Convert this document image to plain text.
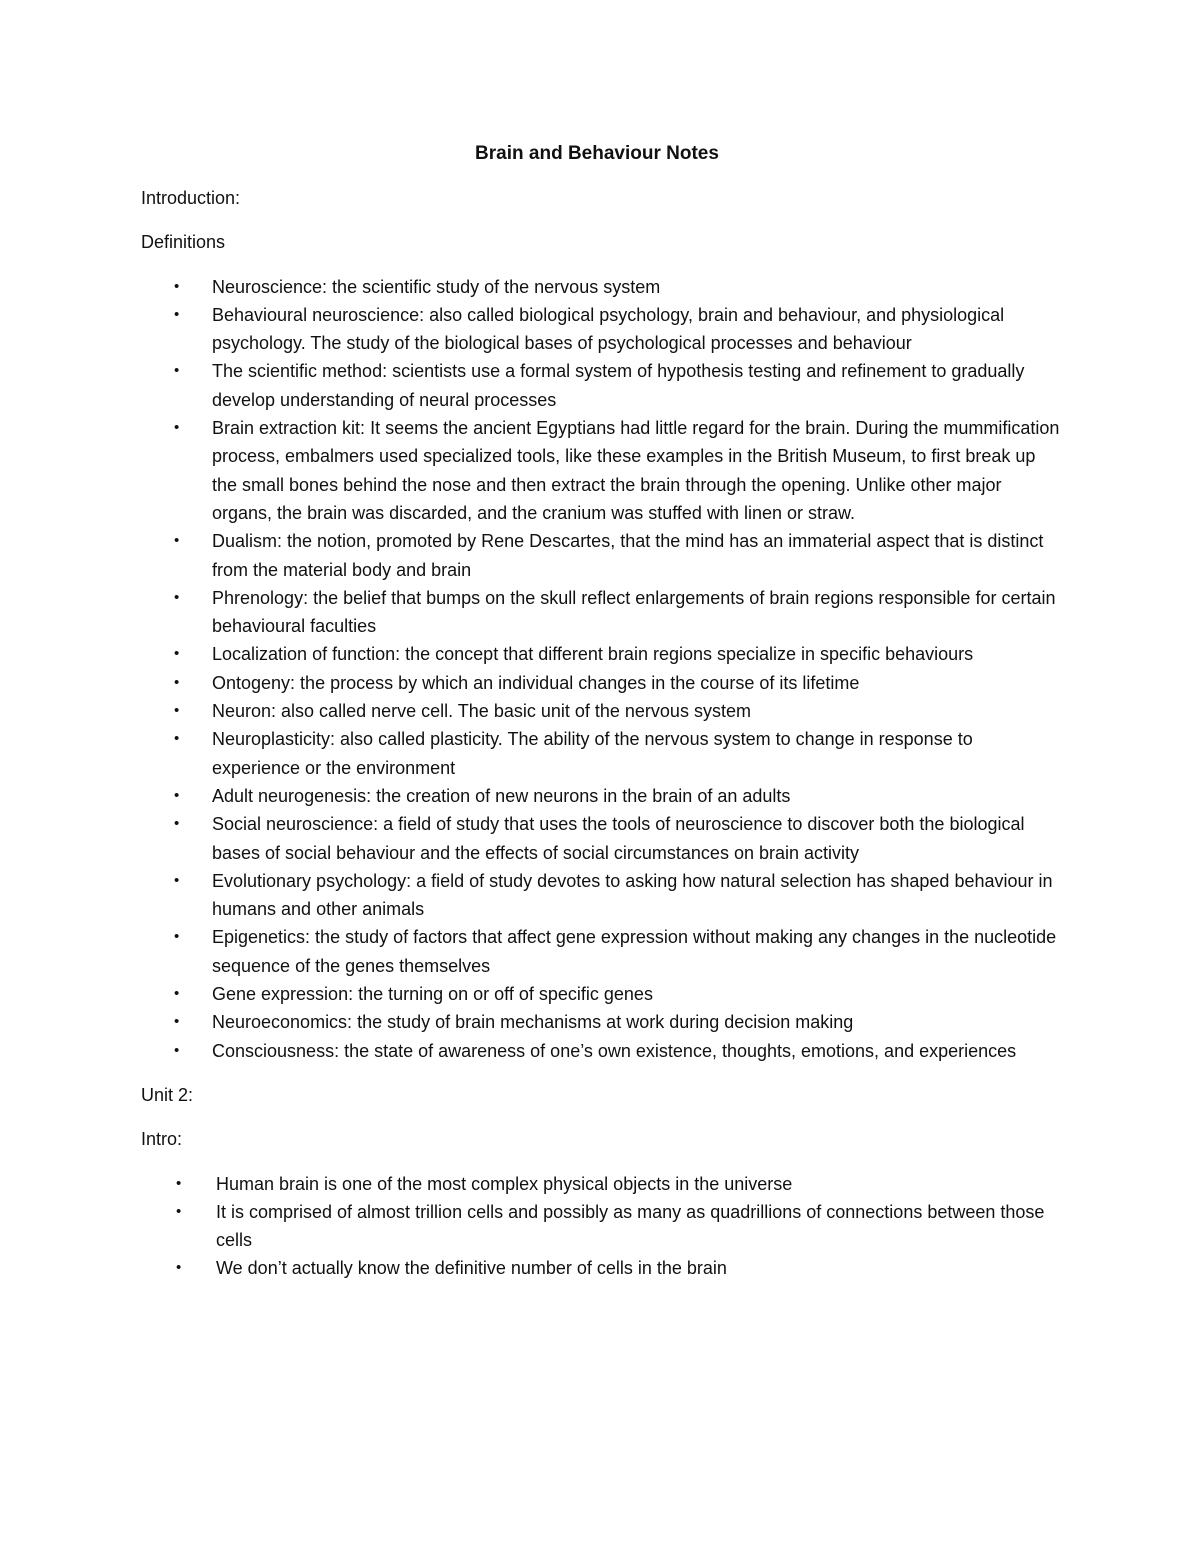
Brain and Behaviour Notes
Introduction:
Definitions
• Neuroscience: the scientific study of the nervous system
• Behavioural neuroscience: also called biological psychology, brain and behaviour, and physiological psychology. The study of the biological bases of psychological processes and behaviour
• The scientific method: scientists use a formal system of hypothesis testing and refinement to gradually develop understanding of neural processes
• Brain extraction kit: It seems the ancient Egyptians had little regard for the brain. During the mummification process, embalmers used specialized tools, like these examples in the British Museum, to first break up the small bones behind the nose and then extract the brain through the opening. Unlike other major organs, the brain was discarded, and the cranium was stuffed with linen or straw.
• Dualism: the notion, promoted by Rene Descartes, that the mind has an immaterial aspect that is distinct from the material body and brain
• Phrenology: the belief that bumps on the skull reflect enlargements of brain regions responsible for certain behavioural faculties
• Localization of function: the concept that different brain regions specialize in specific behaviours
• Ontogeny: the process by which an individual changes in the course of its lifetime
• Neuron: also called nerve cell. The basic unit of the nervous system
• Neuroplasticity: also called plasticity. The ability of the nervous system to change in response to experience or the environment
• Adult neurogenesis: the creation of new neurons in the brain of an adults
• Social neuroscience: a field of study that uses the tools of neuroscience to discover both the biological bases of social behaviour and the effects of social circumstances on brain activity
• Evolutionary psychology: a field of study devotes to asking how natural selection has shaped behaviour in humans and other animals
• Epigenetics: the study of factors that affect gene expression without making any changes in the nucleotide sequence of the genes themselves
• Gene expression: the turning on or off of specific genes
• Neuroeconomics: the study of brain mechanisms at work during decision making
• Consciousness: the state of awareness of one’s own existence, thoughts, emotions, and experiences
Unit 2:
Intro:
• Human brain is one of the most complex physical objects in the universe
• It is comprised of almost trillion cells and possibly as many as quadrillions of connections between those cells
• We don’t actually know the definitive number of cells in the brain
